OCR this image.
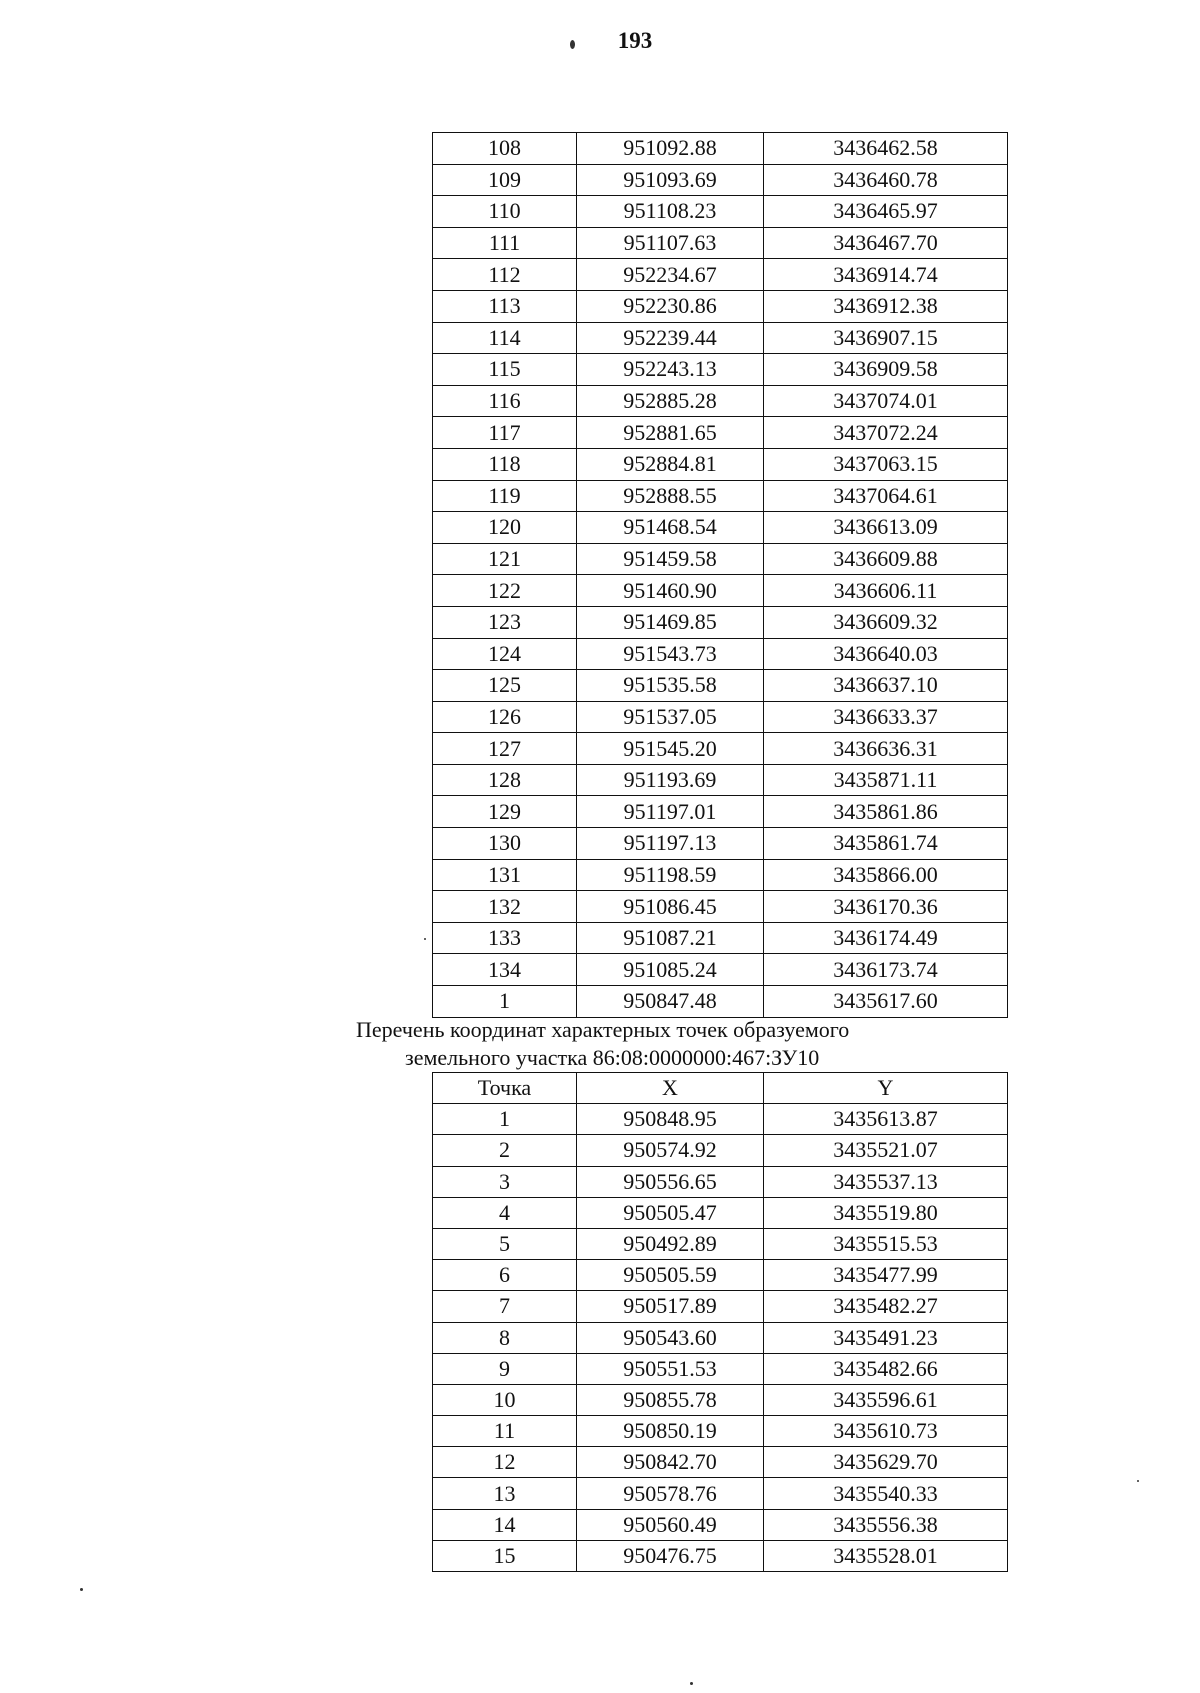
193
108	951092.88	3436462.58
109	951093.69	3436460.78
110	951108.23	3436465.97
111	951107.63	3436467.70
112	952234.67	3436914.74
113	952230.86	3436912.38
114	952239.44	3436907.15
115	952243.13	3436909.58
116	952885.28	3437074.01
117	952881.65	3437072.24
118	952884.81	3437063.15
119	952888.55	3437064.61
120	951468.54	3436613.09
121	951459.58	3436609.88
122	951460.90	3436606.11
123	951469.85	3436609.32
124	951543.73	3436640.03
125	951535.58	3436637.10
126	951537.05	3436633.37
127	951545.20	3436636.31
128	951193.69	3435871.11
129	951197.01	3435861.86
130	951197.13	3435861.74
131	951198.59	3435866.00
132	951086.45	3436170.36
133	951087.21	3436174.49
134	951085.24	3436173.74
1	950847.48	3435617.60
Перечень координат характерных точек образуемого
земельного участка 86:08:0000000:467:ЗУ10
Точка	X	Y
1	950848.95	3435613.87
2	950574.92	3435521.07
3	950556.65	3435537.13
4	950505.47	3435519.80
5	950492.89	3435515.53
6	950505.59	3435477.99
7	950517.89	3435482.27
8	950543.60	3435491.23
9	950551.53	3435482.66
10	950855.78	3435596.61
11	950850.19	3435610.73
12	950842.70	3435629.70
13	950578.76	3435540.33
14	950560.49	3435556.38
15	950476.75	3435528.01
